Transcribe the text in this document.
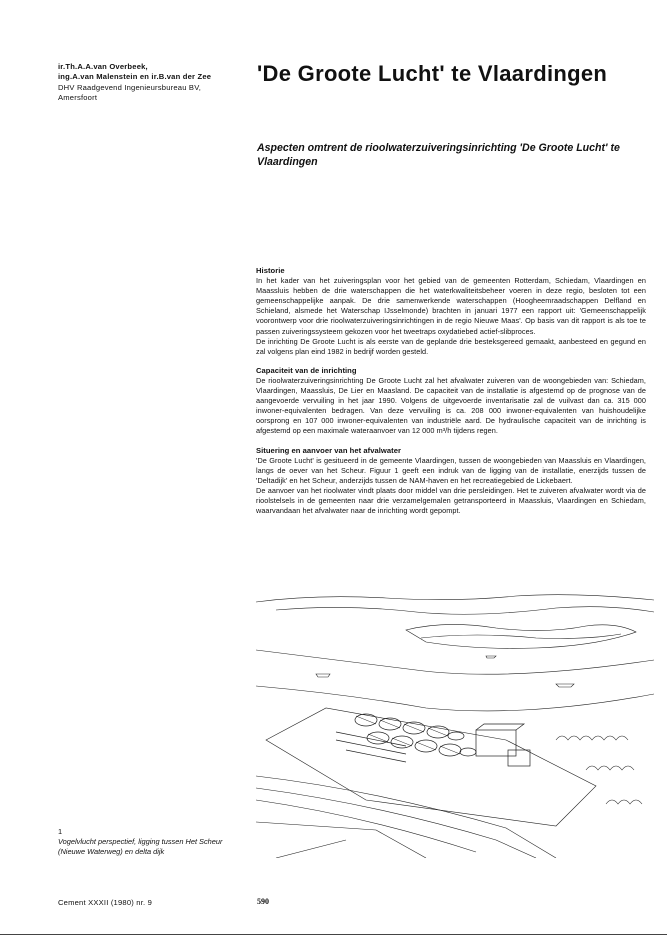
ir.Th.A.A.van Overbeek,
ing.A.van Malenstein en ir.B.van der Zee
DHV Raadgevend Ingenieursbureau BV,
Amersfoort
'De Groote Lucht' te Vlaardingen
Aspecten omtrent de rioolwaterzuiveringsinrichting 'De Groote Lucht' te Vlaardingen
Historie

In het kader van het zuiveringsplan voor het gebied van de gemeenten Rotterdam, Schiedam, Vlaardingen en Maassluis hebben de drie waterschappen die het waterkwaliteitsbeheer voeren in deze regio, besloten tot een gemeenschappelijke aanpak. De drie samenwerkende waterschappen (Hoogheemraadschappen Delfland en Schieland, alsmede het Waterschap IJsselmonde) brachten in januari 1977 een rapport uit: 'Gemeenschappelijk voorontwerp voor drie rioolwaterzuiveringsinrichtingen in de regio Nieuwe Maas'. Op basis van dit rapport is als toe te passen zuiveringssysteem gekozen voor het tweetraps oxydatiebed actief-slibproces.

De inrichting De Groote Lucht is als eerste van de geplande drie besteksgereed gemaakt, aanbesteed en gegund en zal volgens plan eind 1982 in bedrijf worden gesteld.

Capaciteit van de inrichting

De rioolwaterzuiveringsinrichting De Groote Lucht zal het afvalwater zuiveren van de woongebieden van: Schiedam, Vlaardingen, Maassluis, De Lier en Maasland. De capaciteit van de installatie is afgestemd op de prognose van de aangevoerde vervuiling in het jaar 1990. Volgens de uitgevoerde inventarisatie zal de vuilvast dan ca. 315 000 inwoner-equivalenten bedragen. Van deze vervuiling is ca. 208 000 inwoner-equivalenten van huishoudelijke oorsprong en 107 000 inwoner-equivalenten van industriële aard. De hydraulische capaciteit van de inrichting is afgestemd op een maximale wateraanvoer van 12 000 m³/h tijdens regen.

Situering en aanvoer van het afvalwater

'De Groote Lucht' is gesitueerd in de gemeente Vlaardingen, tussen de woongebieden van Maassluis en Vlaardingen, langs de oever van het Scheur. Figuur 1 geeft een indruk van de ligging van de installatie, enerzijds tussen de 'Deltadijk' en het Scheur, anderzijds tussen de NAM-haven en het recreatiegebied de Lickebaert.

De aanvoer van het rioolwater vindt plaats door middel van drie persleidingen. Het te zuiveren afvalwater wordt via de rioolstelsels in de gemeenten naar drie verzamelgemalen getransporteerd in Maassluis, Vlaardingen en Schiedam, waarvandaan het afvalwater naar de inrichting wordt gepompt.

1
Vogelvlucht perspectief, ligging tussen Het Scheur (Nieuwe Waterweg) en delta dijk
Cement XXXII (1980) nr. 9	590
